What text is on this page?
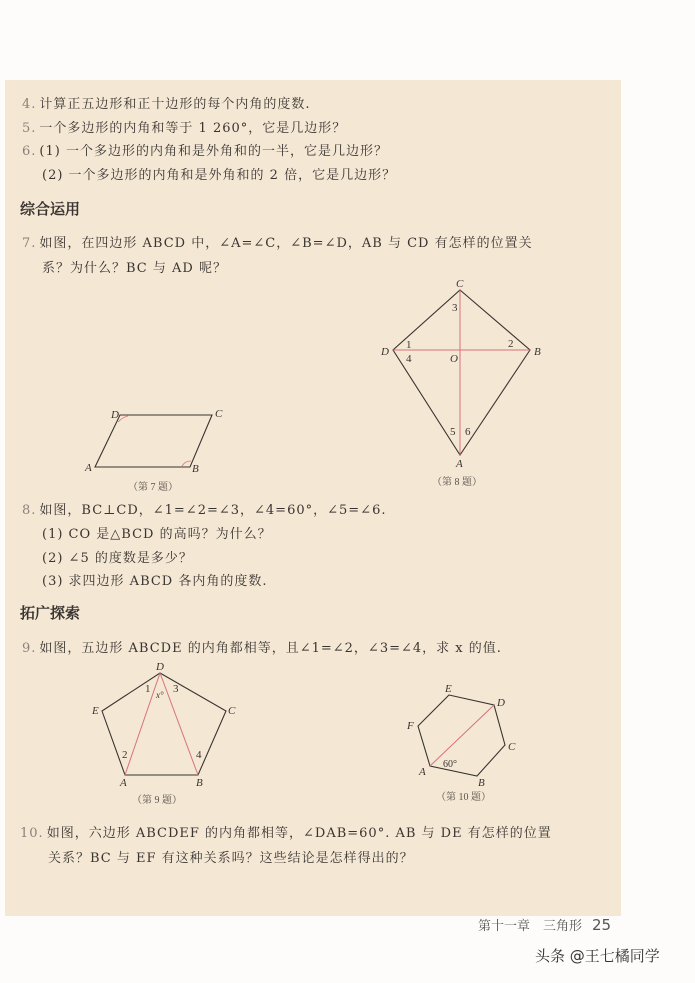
4. 计算正五边形和正十边形的每个内角的度数.
5. 一个多边形的内角和等于 1 260°，它是几边形？
6. (1) 一个多边形的内角和是外角和的一半，它是几边形？
(2) 一个多边形的内角和是外角和的 2 倍，它是几边形？
综合运用
7. 如图，在四边形 ABCD 中，∠A=∠C，∠B=∠D，AB 与 CD 有怎样的位置关
系？为什么？BC 与 AD 呢？
8. 如图，BC⊥CD，∠1=∠2=∠3，∠4=60°，∠5=∠6.
(1) CO 是△BCD 的高吗？为什么？
(2) ∠5 的度数是多少？
(3) 求四边形 ABCD 各内角的度数.
拓广探索
9. 如图，五边形 ABCDE 的内角都相等，且∠1=∠2，∠3=∠4，求 x 的值.
10. 如图，六边形 ABCDEF 的内角都相等，∠DAB=60°. AB 与 DE 有怎样的位置
关系？BC 与 EF 有这种关系吗？这些结论是怎样得出的？
A	B
C
D
（第 7 题）
C
D	B
A
O
1	2
3
4
5 6
（第 8 题）
D
E	C
A	B
1 x° 3
2	4
（第 9 题）
E
D
C
B
A
F
60°
（第 10 题）
第十一章　三角形 25
头条 @王七橘同学
